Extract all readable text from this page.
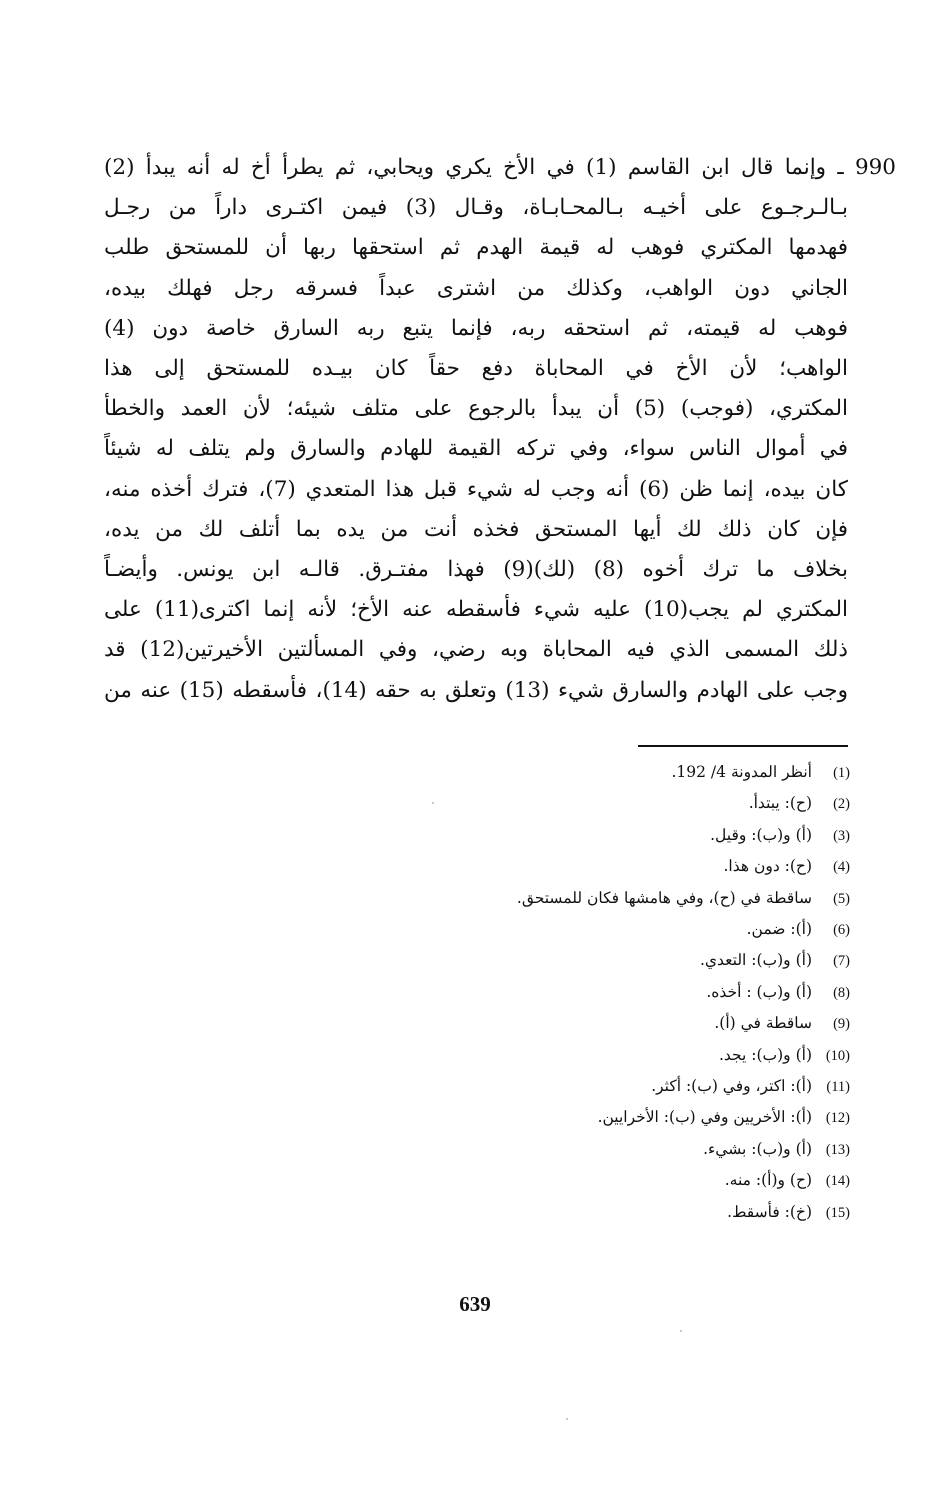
990 ـ وإنما قال ابن القاسم (1) في الأخ يكري ويحابي، ثم يطرأ أخ له أنه يبدأ (2)
بـالـرجـوع على أخيـه بـالمحـابـاة، وقـال (3) فيمن اكتـرى داراً من رجـل
فهدمها المكتري فوهب له قيمة الهدم ثم استحقها ربها أن للمستحق طلب
الجاني دون الواهب، وكذلك من اشترى عبداً فسرقه رجل فهلك بيده،
فوهب له قيمته، ثم استحقه ربه، فإنما يتبع ربه السارق خاصة دون (4)
الواهب؛ لأن الأخ في المحاباة دفع حقاً كان بيـده للمستحق إلى هذا
المكتري، (فوجب) (5) أن يبدأ بالرجوع على متلف شيئه؛ لأن العمد والخطأ
في أموال الناس سواء، وفي تركه القيمة للهادم والسارق ولم يتلف له شيئاً
كان بيده، إنما ظن (6) أنه وجب له شيء قبل هذا المتعدي (7)، فترك أخذه منه،
فإن كان ذلك لك أيها المستحق فخذه أنت من يده بما أتلف لك من يده،
بخلاف ما ترك أخوه (8) (لك)(9) فهذا مفتـرق. قالـه ابن يونس. وأيضـاً
المكتري لم يجب(10) عليه شيء فأسقطه عنه الأخ؛ لأنه إنما اكترى(11) على
ذلك المسمى الذي فيه المحاباة وبه رضي، وفي المسألتين الأخيرتين(12) قد
وجب على الهادم والسارق شيء (13) وتعلق به حقه (14)، فأسقطه (15) عنه من
(1)أنظر المدونة 4/ 192.
(2)(ح): يبتدأ.
(3)(أ) و(ب): وقيل.
(4)(ح): دون هذا.
(5)ساقطة في (ح)، وفي هامشها فكان للمستحق.
(6)(أ): ضمن.
(7)(أ) و(ب): التعدي.
(8)(أ) و(ب) : أخذه.
(9)ساقطة في (أ).
(10)(أ) و(ب): يجد.
(11)(أ): اكتر، وفي (ب): أكثر.
(12)(أ): الأخريين وفي (ب): الأخرايين.
(13)(أ) و(ب): بشيء.
(14)(ح) و(أ): منه.
(15)(خ): فأسقط.
639
